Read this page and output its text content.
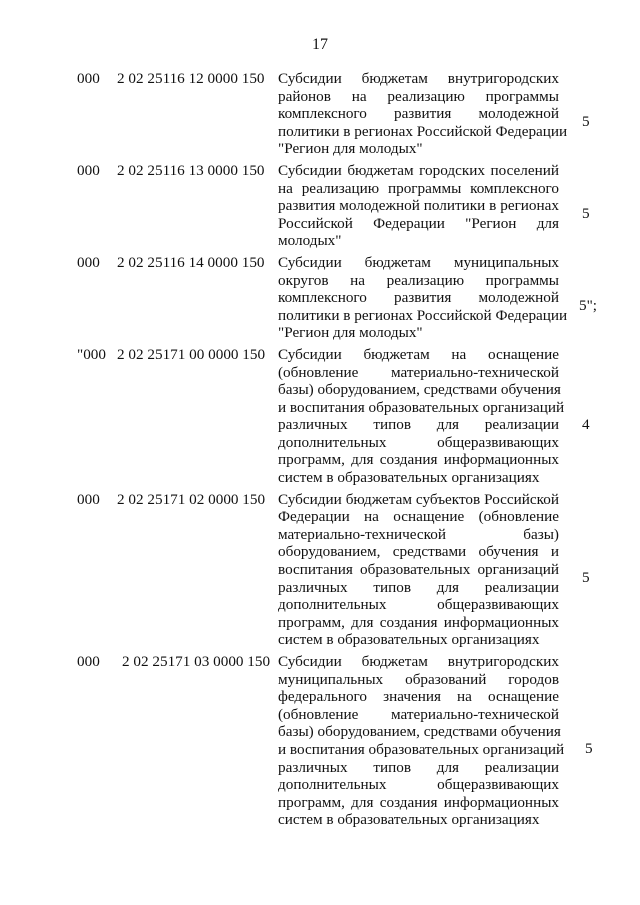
17
000 2 02 25116 12 0000 150 Субсидии бюджетам внутригородских
районов на реализацию программы
комплексного развития молодежной
политики в регионах Российской Федерации
"Регион для молодых"
5
000 2 02 25116 13 0000 150 Субсидии бюджетам городских поселений
на реализацию программы комплексного
развития молодежной политики в регионах
Российской Федерации "Регион для
молодых"
5
000 2 02 25116 14 0000 150 Субсидии бюджетам муниципальных
округов на реализацию программы
комплексного развития молодежной
политики в регионах Российской Федерации
"Регион для молодых"
5";
"000 2 02 25171 00 0000 150 Субсидии бюджетам на оснащение
(обновление материально-технической
базы) оборудованием, средствами обучения
и воспитания образовательных организаций
различных типов для реализации
дополнительных общеразвивающих
программ, для создания информационных
систем в образовательных организациях
4
000 2 02 25171 02 0000 150 Субсидии бюджетам субъектов Российской
Федерации на оснащение (обновление
материально-технической базы)
оборудованием, средствами обучения и
воспитания образовательных организаций
различных типов для реализации
дополнительных общеразвивающих
программ, для создания информационных
систем в образовательных организациях
5
000 2 02 25171 03 0000 150 Субсидии бюджетам внутригородских
муниципальных образований городов
федерального значения на оснащение
(обновление материально-технической
базы) оборудованием, средствами обучения
и воспитания образовательных организаций
различных типов для реализации
дополнительных общеразвивающих
программ, для создания информационных
систем в образовательных организациях
5
